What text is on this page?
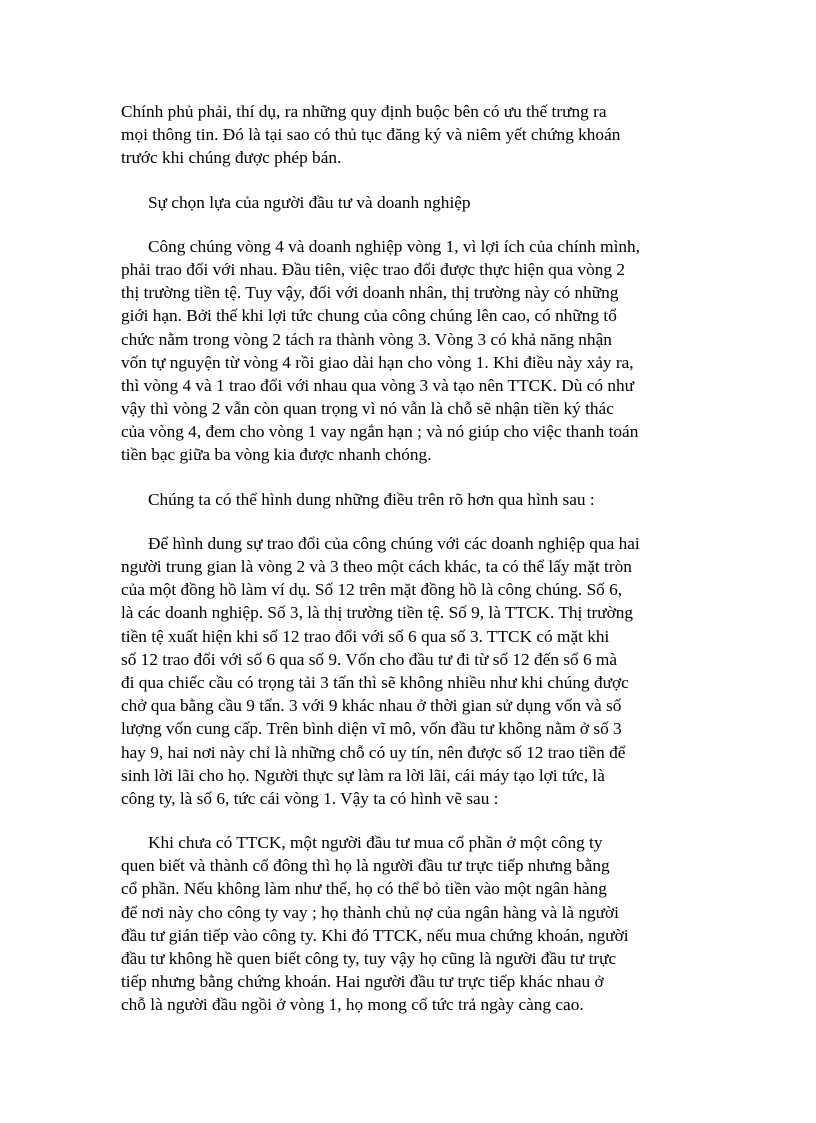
Chính phủ phải, thí dụ, ra những quy định buộc bên có ưu thế trưng ra
mọi thông tin. Đó là tại sao có thủ tục đăng ký và niêm yết chứng khoán
trước khi chúng được phép bán.
Sự chọn lựa của người đầu tư và doanh nghiệp
Công chúng vòng 4 và doanh nghiệp vòng 1, vì lợi ích của chính mình,
phải trao đổi với nhau. Đầu tiên, việc trao đổi được thực hiện qua vòng 2
thị trường tiền tệ. Tuy vậy, đối với doanh nhân, thị trường này có những
giới hạn. Bởi thế khi lợi tức chung của công chúng lên cao, có những tổ
chức nằm trong vòng 2 tách ra thành vòng 3. Vòng 3 có khả năng nhận
vốn tự nguyện từ vòng 4 rồi giao dài hạn cho vòng 1. Khi điều này xảy ra,
thì vòng 4 và 1 trao đổi với nhau qua vòng 3 và tạo nên TTCK. Dù có như
vậy thì vòng 2 vẫn còn quan trọng vì nó vẫn là chỗ sẽ nhận tiền ký thác
của vòng 4, đem cho vòng 1 vay ngắn hạn ; và nó giúp cho việc thanh toán
tiền bạc giữa ba vòng kia được nhanh chóng.
Chúng ta có thể hình dung những điều trên rõ hơn qua hình sau :
Để hình dung sự trao đổi của công chúng với các doanh nghiệp qua hai
người trung gian là vòng 2 và 3 theo một cách khác, ta có thể lấy mặt tròn
của một đồng hồ làm ví dụ. Số 12 trên mặt đồng hồ là công chúng. Số 6,
là các doanh nghiệp. Số 3, là thị trường tiền tệ. Số 9, là TTCK. Thị trường
tiền tệ xuất hiện khi số 12 trao đổi với số 6 qua số 3. TTCK có mặt khi
số 12 trao đổi với số 6 qua số 9. Vốn cho đầu tư đi từ số 12 đến số 6 mà
đi qua chiếc cầu có trọng tải 3 tấn thì sẽ không nhiều như khi chúng được
chở qua bằng cầu 9 tấn. 3 với 9 khác nhau ở thời gian sử dụng vốn và số
lượng vốn cung cấp. Trên bình diện vĩ mô, vốn đầu tư không nằm ở số 3
hay 9, hai nơi này chỉ là những chỗ có uy tín, nên được số 12 trao tiền để
sinh lời lãi cho họ. Người thực sự làm ra lời lãi, cái máy tạo lợi tức, là
công ty, là số 6, tức cái vòng 1. Vậy ta có hình vẽ sau :
Khi chưa có TTCK, một người đầu tư mua cổ phần ở một công ty
quen biết và thành cổ đông thì họ là người đầu tư trực tiếp nhưng bằng
cổ phần. Nếu không làm như thế, họ có thể bỏ tiền vào một ngân hàng
để nơi này cho công ty vay ; họ thành chủ nợ của ngân hàng và là người
đầu tư gián tiếp vào công ty. Khi đó TTCK, nếu mua chứng khoán, người
đầu tư không hề quen biết công ty, tuy vậy họ cũng là người đầu tư trực
tiếp nhưng bằng chứng khoán. Hai người đầu tư trực tiếp khác nhau ở
chỗ là người đầu ngồi ở vòng 1, họ mong cổ tức trả ngày càng cao.
